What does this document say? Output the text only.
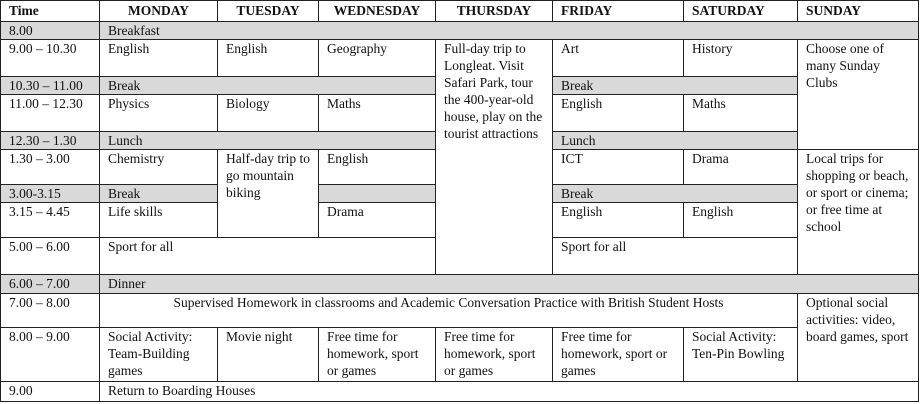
Time	MONDAY	TUESDAY	WEDNESDAY	THURSDAY	FRIDAY	SATURDAY	SUNDAY
8.00	Breakfast						
9.00 – 10.30	English	English	Geography	Full-day trip to Longleat. Visit Safari Park, tour the 400-year-old house, play on the tourist attractions	Art	History	Choose one of many Sunday Clubs
10.30 – 11.00	Break				Break		
11.00 – 12.30	Physics	Biology	Maths		English	Maths	
12.30 – 1.30	Lunch				Lunch		
1.30 – 3.00	Chemistry	Half-day trip to go mountain biking	English		ICT	Drama	Local trips for shopping or beach, or sport or cinema; or free time at school
3.00-3.15	Break				Break		
3.15 – 4.45	Life skills		Drama		English	English	
5.00 – 6.00	Sport for all				Sport for all		
6.00 – 7.00	Dinner						
7.00 – 8.00	Supervised Homework in classrooms and Academic Conversation Practice with British Student Hosts						Optional social activities: video, board games, sport
8.00 – 9.00	Social Activity: Team-Building games	Movie night	Free time for homework, sport or games	Free time for homework, sport or games	Free time for homework, sport or games	Social Activity: Ten-Pin Bowling	
9.00	Return to Boarding Houses						
